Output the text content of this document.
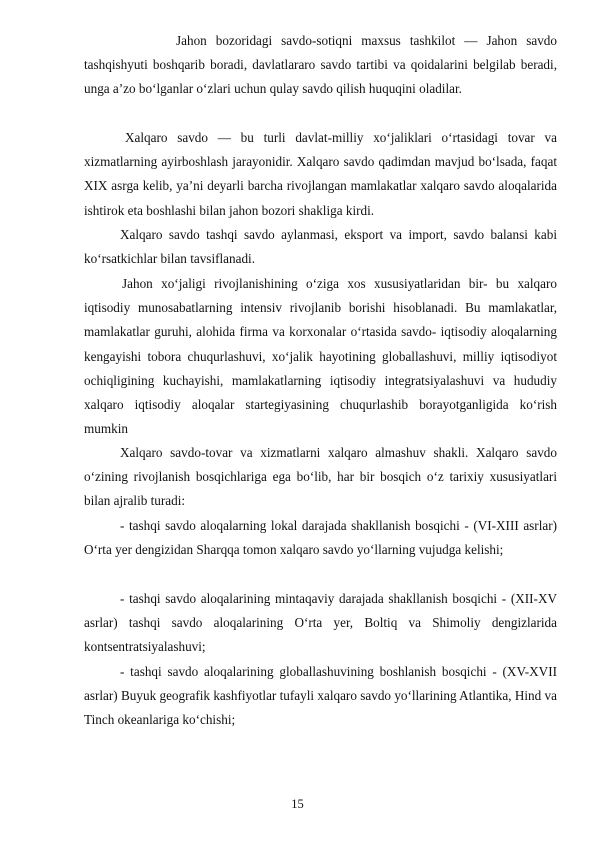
Jahon bozoridagi savdo-sotiqni maxsus tashkilot — Jahon savdo tashqishyuti boshqarib boradi, davlatlararo savdo tartibi va qoidalarini belgilab beradi, unga a’zo bo‘lganlar o‘zlari uchun qulay savdo qilish huquqini oladilar.

Xalqaro savdo — bu turli davlat-milliy xo‘jaliklari o‘rtasidagi tovar va xizmatlarning ayirboshlash jarayonidir. Xalqaro savdo qadimdan mavjud bo‘lsada, faqat XIX asrga kelib, ya’ni deyarli barcha rivojlangan mamlakatlar xalqaro savdo aloqalarida ishtirok eta boshlashi bilan jahon bozori shakliga kirdi.

Xalqaro savdo tashqi savdo aylanmasi, eksport va import, savdo balansi kabi ko‘rsatkichlar bilan tavsiflanadi.

Jahon xo‘jaligi rivojlanishining o‘ziga xos xususiyatlaridan bir- bu xalqaro iqtisodiy munosabatlarning intensiv rivojlanib borishi hisoblanadi. Bu mamlakatlar, mamlakatlar guruhi, alohida firma va korxonalar o‘rtasida savdo- iqtisodiy aloqalarning kengayishi tobora chuqurlashuvi, xo‘jalik hayotining globallashuvi, milliy iqtisodiyot ochiqligining kuchayishi, mamlakatlarning iqtisodiy integratsiyalashuvi va hududiy xalqaro iqtisodiy aloqalar startegiyasining chuqurlashib borayotganligida ko‘rish mumkin

Xalqaro savdo-tovar va xizmatlarni xalqaro almashuv shakli. Xalqaro savdo o‘zining rivojlanish bosqichlariga ega bo‘lib, har bir bosqich o‘z tarixiy xususiyatlari bilan ajralib turadi:

- tashqi savdo aloqalarning lokal darajada shakllanish bosqichi - (VI-XIII asrlar) O‘rta yer dengizidan Sharqqa tomon xalqaro savdo yo‘llarning vujudga kelishi;

- tashqi savdo aloqalarining mintaqaviy darajada shakllanish bosqichi - (XII-XV asrlar) tashqi savdo aloqalarining O‘rta yer, Boltiq va Shimoliy dengizlarida kontsentratsiyalashuvi;

- tashqi savdo aloqalarining globallashuvining boshlanish bosqichi - (XV-XVII asrlar) Buyuk geografik kashfiyotlar tufayli xalqaro savdo yo‘llarining Atlantika, Hind va Tinch okeanlariga ko‘chishi;

15
